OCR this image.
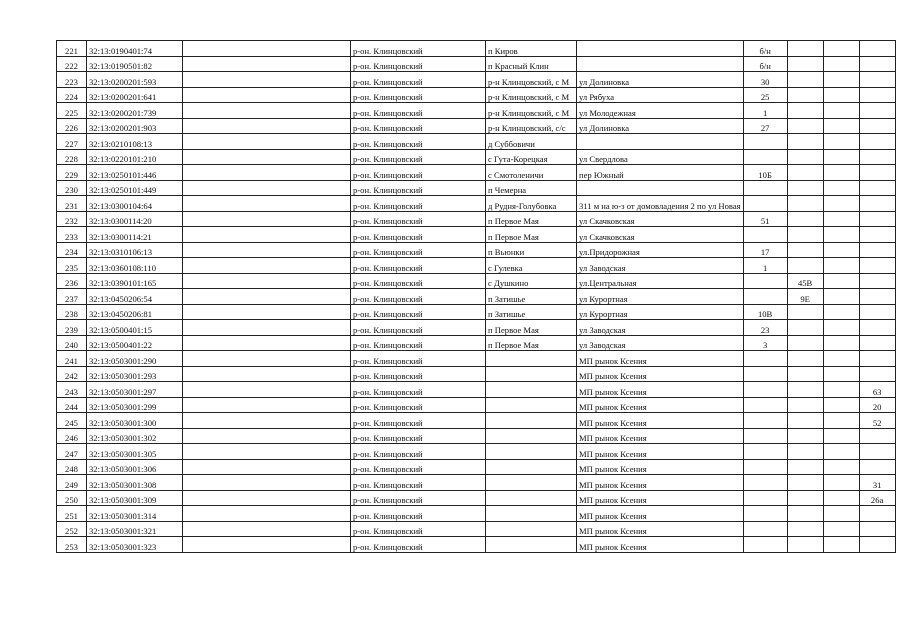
221	32:13:0190401:74		р-он. Клинцовский	п Киров		б/н			
222	32:13:0190501:82		р-он. Клинцовский	п Красный Клин		б/н			
223	32:13:0200201:593		р-он. Клинцовский	р-н Клинцовский, с М	ул Долиновка	30			
224	32:13:0200201:641		р-он. Клинцовский	р-н Клинцовский, с М	ул Рябуха	25			
225	32:13:0200201:739		р-он. Клинцовский	р-н Клинцовский, с М	ул Молодежная	1			
226	32:13:0200201:903		р-он. Клинцовский	р-н Клинцовский, с/с	ул Долиновка	27			
227	32:13:0210108:13		р-он. Клинцовский	д Суббовичи					
228	32:13:0220101:210		р-он. Клинцовский	с Гута-Корецкая	ул Свердлова				
229	32:13:0250101:446		р-он. Клинцовский	с Смотоленичи	пер Южный	10Б			
230	32:13:0250101:449		р-он. Клинцовский	п Чемерна					
231	32:13:0300104:64		р-он. Клинцовский	д Рудня-Голубовка	311 м на ю-з от домовладения 2 по ул Новая				
232	32:13:0300114:20		р-он. Клинцовский	п Первое Мая	ул Скачковская	51			
233	32:13:0300114:21		р-он. Клинцовский	п Первое Мая	ул Скачковская				
234	32:13:0310106:13		р-он. Клинцовский	п Вьюнки	ул.Придорожная	17			
235	32:13:0360108:110		р-он. Клинцовский	с Гулевка	ул Заводская	1			
236	32:13:0390101:165		р-он. Клинцовский	с Душкино	ул.Центральная		45В		
237	32:13:0450206:54		р-он. Клинцовский	п Затишье	ул Курортная		9Е		
238	32:13:0450206:81		р-он. Клинцовский	п Затишье	ул Курортная	10В			
239	32:13:0500401:15		р-он. Клинцовский	п Первое Мая	ул Заводская	23			
240	32:13:0500401:22		р-он. Клинцовский	п Первое Мая	ул Заводская	3			
241	32:13:0503001:290		р-он. Клинцовский		МП рынок Ксения				
242	32:13:0503001:293		р-он. Клинцовский		МП рынок Ксения				
243	32:13:0503001:297		р-он. Клинцовский		МП рынок Ксения				63
244	32:13:0503001:299		р-он. Клинцовский		МП рынок Ксения				20
245	32:13:0503001:300		р-он. Клинцовский		МП рынок Ксения				52
246	32:13:0503001:302		р-он. Клинцовский		МП рынок Ксения				
247	32:13:0503001:305		р-он. Клинцовский		МП рынок Ксения				
248	32:13:0503001:306		р-он. Клинцовский		МП рынок Ксения				
249	32:13:0503001:308		р-он. Клинцовский		МП рынок Ксения				31
250	32:13:0503001:309		р-он. Клинцовский		МП рынок Ксения				26а
251	32:13:0503001:314		р-он. Клинцовский		МП рынок Ксения				
252	32:13:0503001:321		р-он. Клинцовский		МП рынок Ксения				
253	32:13:0503001:323		р-он. Клинцовский		МП рынок Ксения				
